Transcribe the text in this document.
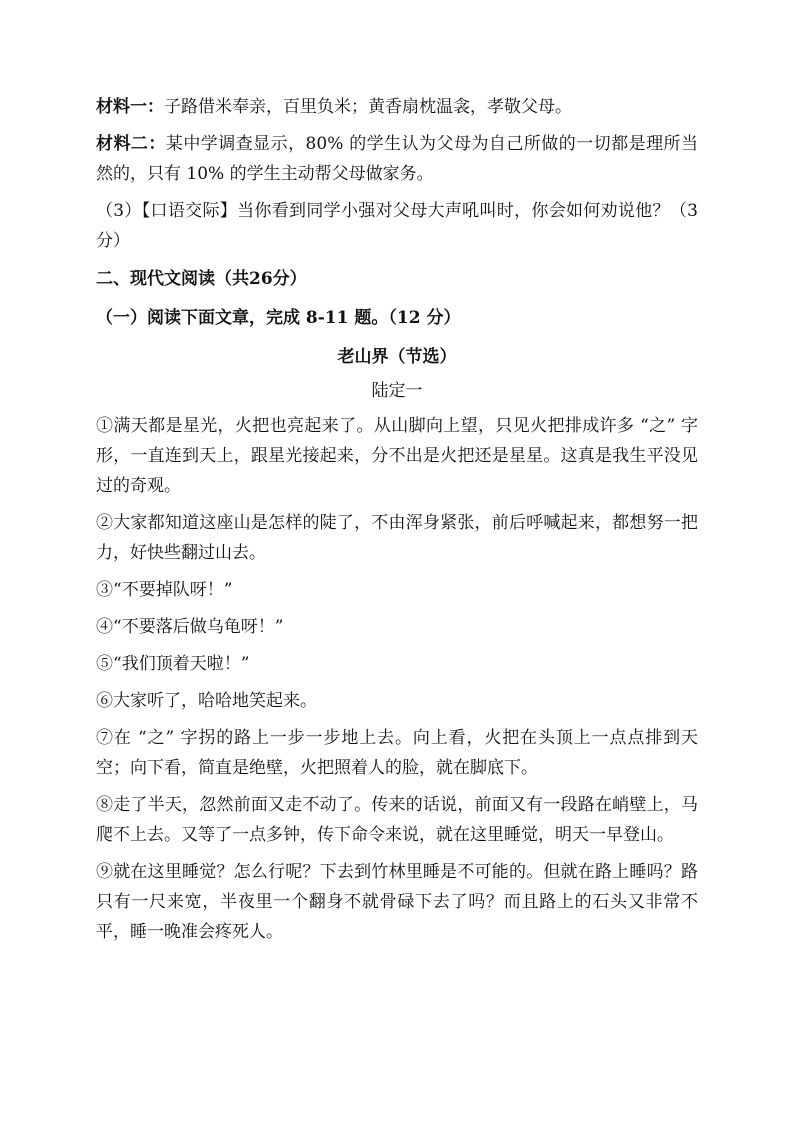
材料一：子路借米奉亲，百里负米；黄香扇枕温衾，孝敬父母。

材料二：某中学调查显示，80% 的学生认为父母为自己所做的一切都是理所当然的，只有 10% 的学生主动帮父母做家务。

（3）【口语交际】当你看到同学小强对父母大声吼叫时，你会如何劝说他？（3 分）

二、现代文阅读（共26分）

（一）阅读下面文章，完成 8-11 题。（12 分）

老山界（节选）

陆定一

①满天都是星光，火把也亮起来了。从山脚向上望，只见火把排成许多 “之” 字形，一直连到天上，跟星光接起来，分不出是火把还是星星。这真是我生平没见过的奇观。

②大家都知道这座山是怎样的陡了，不由浑身紧张，前后呼喊起来，都想努一把力，好快些翻过山去。

③“不要掉队呀！”

④“不要落后做乌龟呀！”

⑤“我们顶着天啦！”

⑥大家听了，哈哈地笑起来。

⑦在 “之” 字拐的路上一步一步地上去。向上看，火把在头顶上一点点排到天空；向下看，简直是绝壁，火把照着人的脸，就在脚底下。

⑧走了半天，忽然前面又走不动了。传来的话说，前面又有一段路在峭壁上，马爬不上去。又等了一点多钟，传下命令来说，就在这里睡觉，明天一早登山。

⑨就在这里睡觉？怎么行呢？下去到竹林里睡是不可能的。但就在路上睡吗？路只有一尺来宽，半夜里一个翻身不就骨碌下去了吗？而且路上的石头又非常不平，睡一晚准会疼死人。
